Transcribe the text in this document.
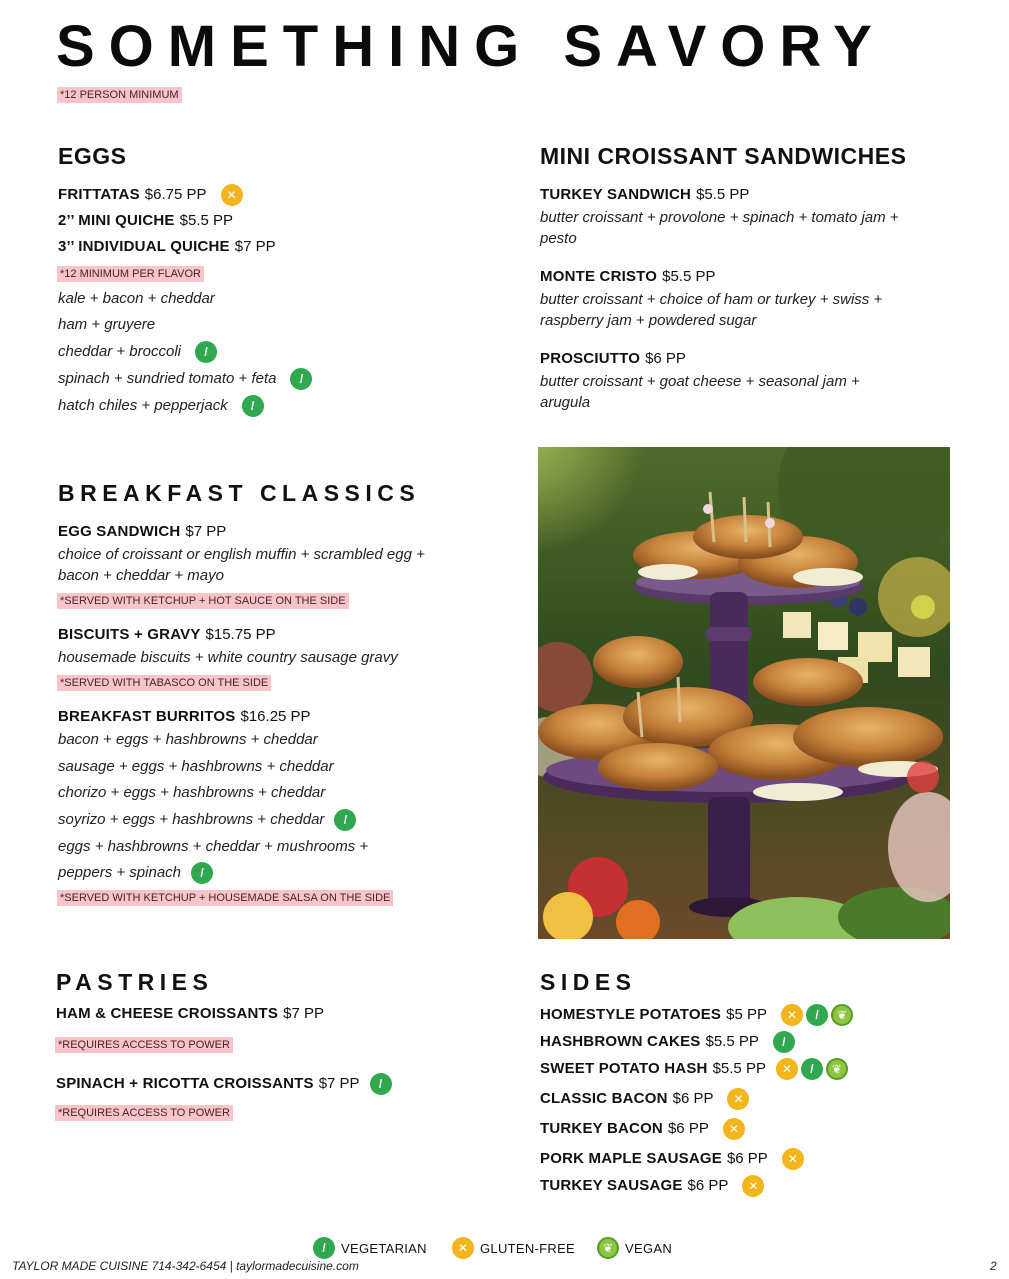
SOMETHING SAVORY
*12 PERSON MINIMUM
EGGS
FRITTATAS $6.75 PP	✕
2’’ MINI QUICHE $5.5 PP
3’’ INDIVIDUAL QUICHE $7 PP
*12 MINIMUM PER FLAVOR
kale + bacon + cheddar
ham + gruyere
cheddar + broccoli	/
spinach + sundried tomato + feta	/
hatch chiles + pepperjack	/
BREAKFAST CLASSICS
EGG SANDWICH $7 PP
choice of croissant or english muffin + scrambled egg + bacon + cheddar + mayo
*SERVED WITH KETCHUP + HOT SAUCE ON THE SIDE
BISCUITS + GRAVY $15.75 PP
housemade biscuits + white country sausage gravy
*SERVED WITH TABASCO ON THE SIDE
BREAKFAST BURRITOS $16.25 PP
bacon + eggs + hashbrowns + cheddar
sausage + eggs + hashbrowns + cheddar
chorizo + eggs + hashbrowns + cheddar
soyrizo + eggs + hashbrowns + cheddar	/
eggs + hashbrowns + cheddar + mushrooms +
peppers + spinach	/
*SERVED WITH KETCHUP + HOUSEMADE SALSA ON THE SIDE
PASTRIES
HAM & CHEESE CROISSANTS $7 PP
*REQUIRES ACCESS TO POWER
SPINACH + RICOTTA CROISSANTS $7 PP	/
*REQUIRES ACCESS TO POWER
MINI CROISSANT SANDWICHES
TURKEY SANDWICH $5.5 PP
butter croissant + provolone + spinach + tomato jam + pesto
MONTE CRISTO $5.5 PP
butter croissant + choice of ham or turkey + swiss + raspberry jam + powdered sugar
PROSCIUTTO $6 PP
butter croissant + goat cheese + seasonal jam + arugula
SIDES
HOMESTYLE POTATOES $5 PP	✕	/	❦
HASHBROWN CAKES $5.5 PP	/
SWEET POTATO HASH $5.5 PP	✕	/	❦
CLASSIC BACON $6 PP	✕
TURKEY BACON $6 PP	✕
PORK MAPLE SAUSAGE $6 PP	✕
TURKEY SAUSAGE $6 PP	✕
/	VEGETARIAN	✕ GLUTEN-FREE	❦ VEGAN
TAYLOR MADE CUISINE 714-342-6454 | taylormadecuisine.com	2
